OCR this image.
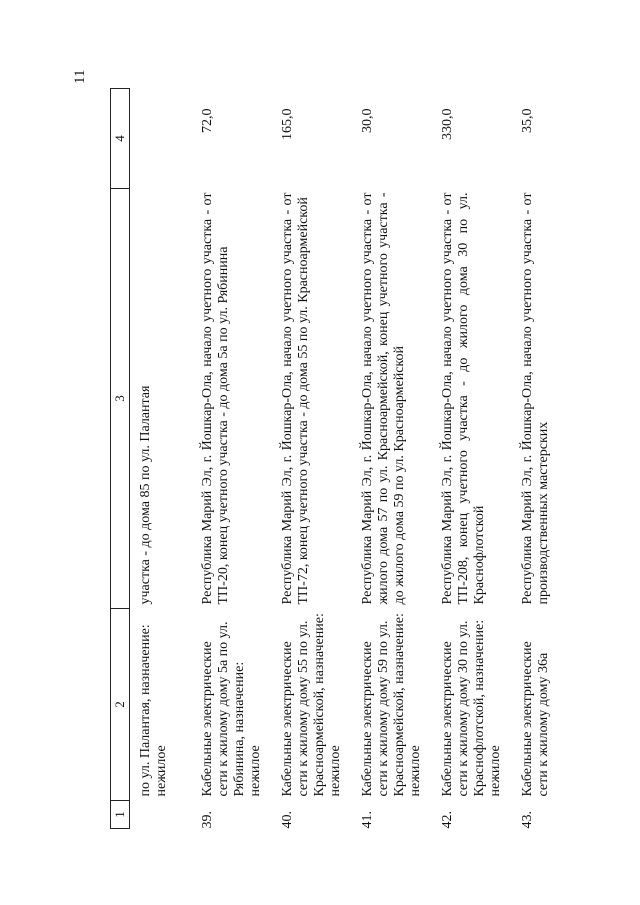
11
1	2	3	4
	по ул. Палантая, назначение: нежилое	участка - до дома 85 по ул. Палантая	
39.	Кабельные электрические сети к жилому дому 5а по ул. Рябинина, назначение: нежилое	Республика Марий Эл, г. Йошкар-Ола, начало учетного участка - от ТП-20, конец учетного участка - до дома 5а по ул. Рябинина	72,0
40.	Кабельные электрические сети к жилому дому 55 по ул. Красноармейской, назначение: нежилое	Республика Марий Эл, г. Йошкар-Ола, начало учетного участка - от ТП-72, конец учетного участка - до дома 55 по ул. Красноармейской	165,0
41.	Кабельные электрические сети к жилому дому 59 по ул. Красноармейской, назначение: нежилое	Республика Марий Эл, г. Йошкар-Ола, начало учетного участка - от жилого дома 57 по ул. Красноармейской, конец учетного участка - до жилого дома 59 по ул. Красноармейской	30,0
42.	Кабельные электрические сети к жилому дому 30 по ул. Краснофлотской, назначение: нежилое	Республика Марий Эл, г. Йошкар-Ола, начало учетного участка - от ТП-208, конец учетного участка - до жилого дома 30 по ул. Краснофлотской	330,0
43.	Кабельные электрические сети к жилому дому 36а	Республика Марий Эл, г. Йошкар-Ола, начало учетного участка - от производственных мастерских	35,0
